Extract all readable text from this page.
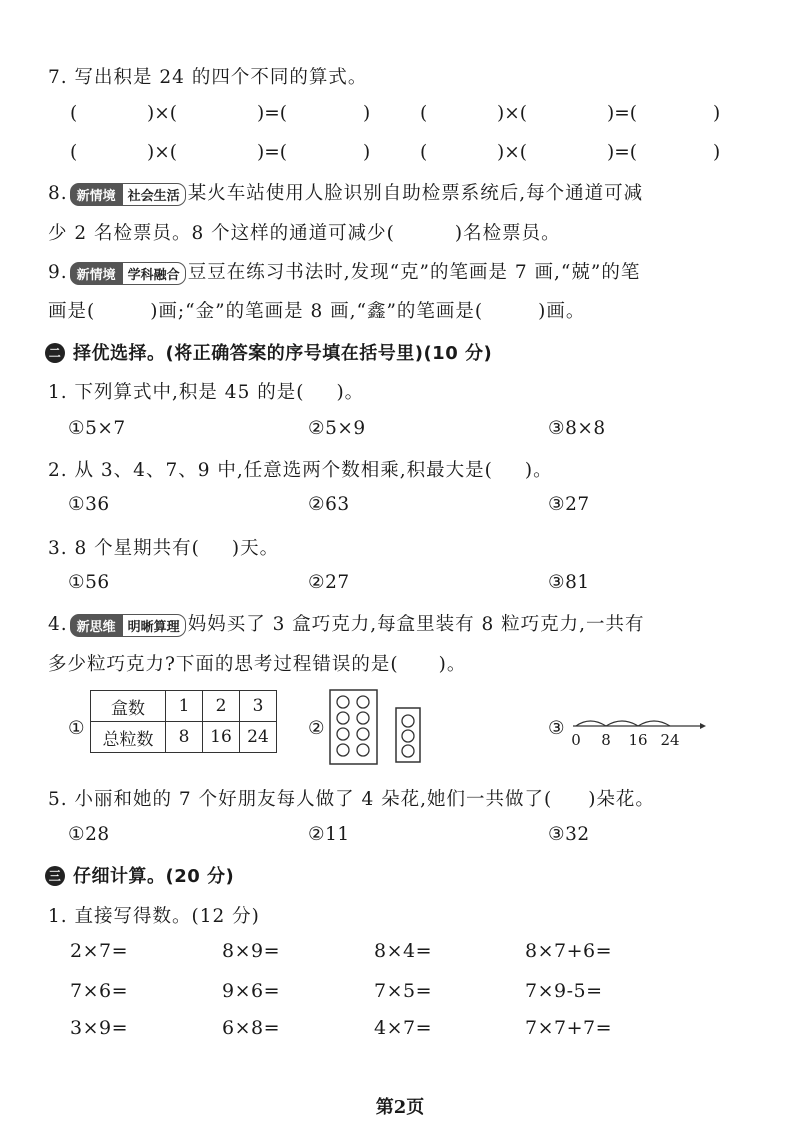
7. 写出积是 24 的四个不同的算式。
(	)×(	)=(	)	(	)×(	)=(	)
(	)×(	)=(	)	(	)×(	)=(	)
8. 新情境 社会生活 某火车站使用人脸识别自助检票系统后,每个通道可减
少 2 名检票员。8 个这样的通道可减少(	)名检票员。
9. 新情境 学科融合 豆豆在练习书法时,发现“克”的笔画是 7 画,“兢”的笔
画是(	)画;“金”的笔画是 8 画,“鑫”的笔画是(	)画。
二 择优选择。(将正确答案的序号填在括号里)(10 分)
1. 下列算式中,积是 45 的是( )。
①5×7	②5×9	③8×8
2. 从 3、4、7、9 中,任意选两个数相乘,积最大是( )。
①36	②63	③27
3. 8 个星期共有( )天。
①56	②27	③81
4. 新思维 明晰算理 妈妈买了 3 盒巧克力,每盒里装有 8 粒巧克力,一共有
多少粒巧克力?下面的思考过程错误的是( )。
①
盒数	1	2	3
总粒数	8	16	24 ②	③
0 8 16 24
5. 小丽和她的 7 个好朋友每人做了 4 朵花,她们一共做了( )朵花。
①28	②11	③32
三 仔细计算。(20 分)
1. 直接写得数。(12 分)
2×7=	8×9=	8×4=	8×7+6=
7×6=	9×6=	7×5=	7×9-5=
3×9=	6×8=	4×7=	7×7+7=
第2页
